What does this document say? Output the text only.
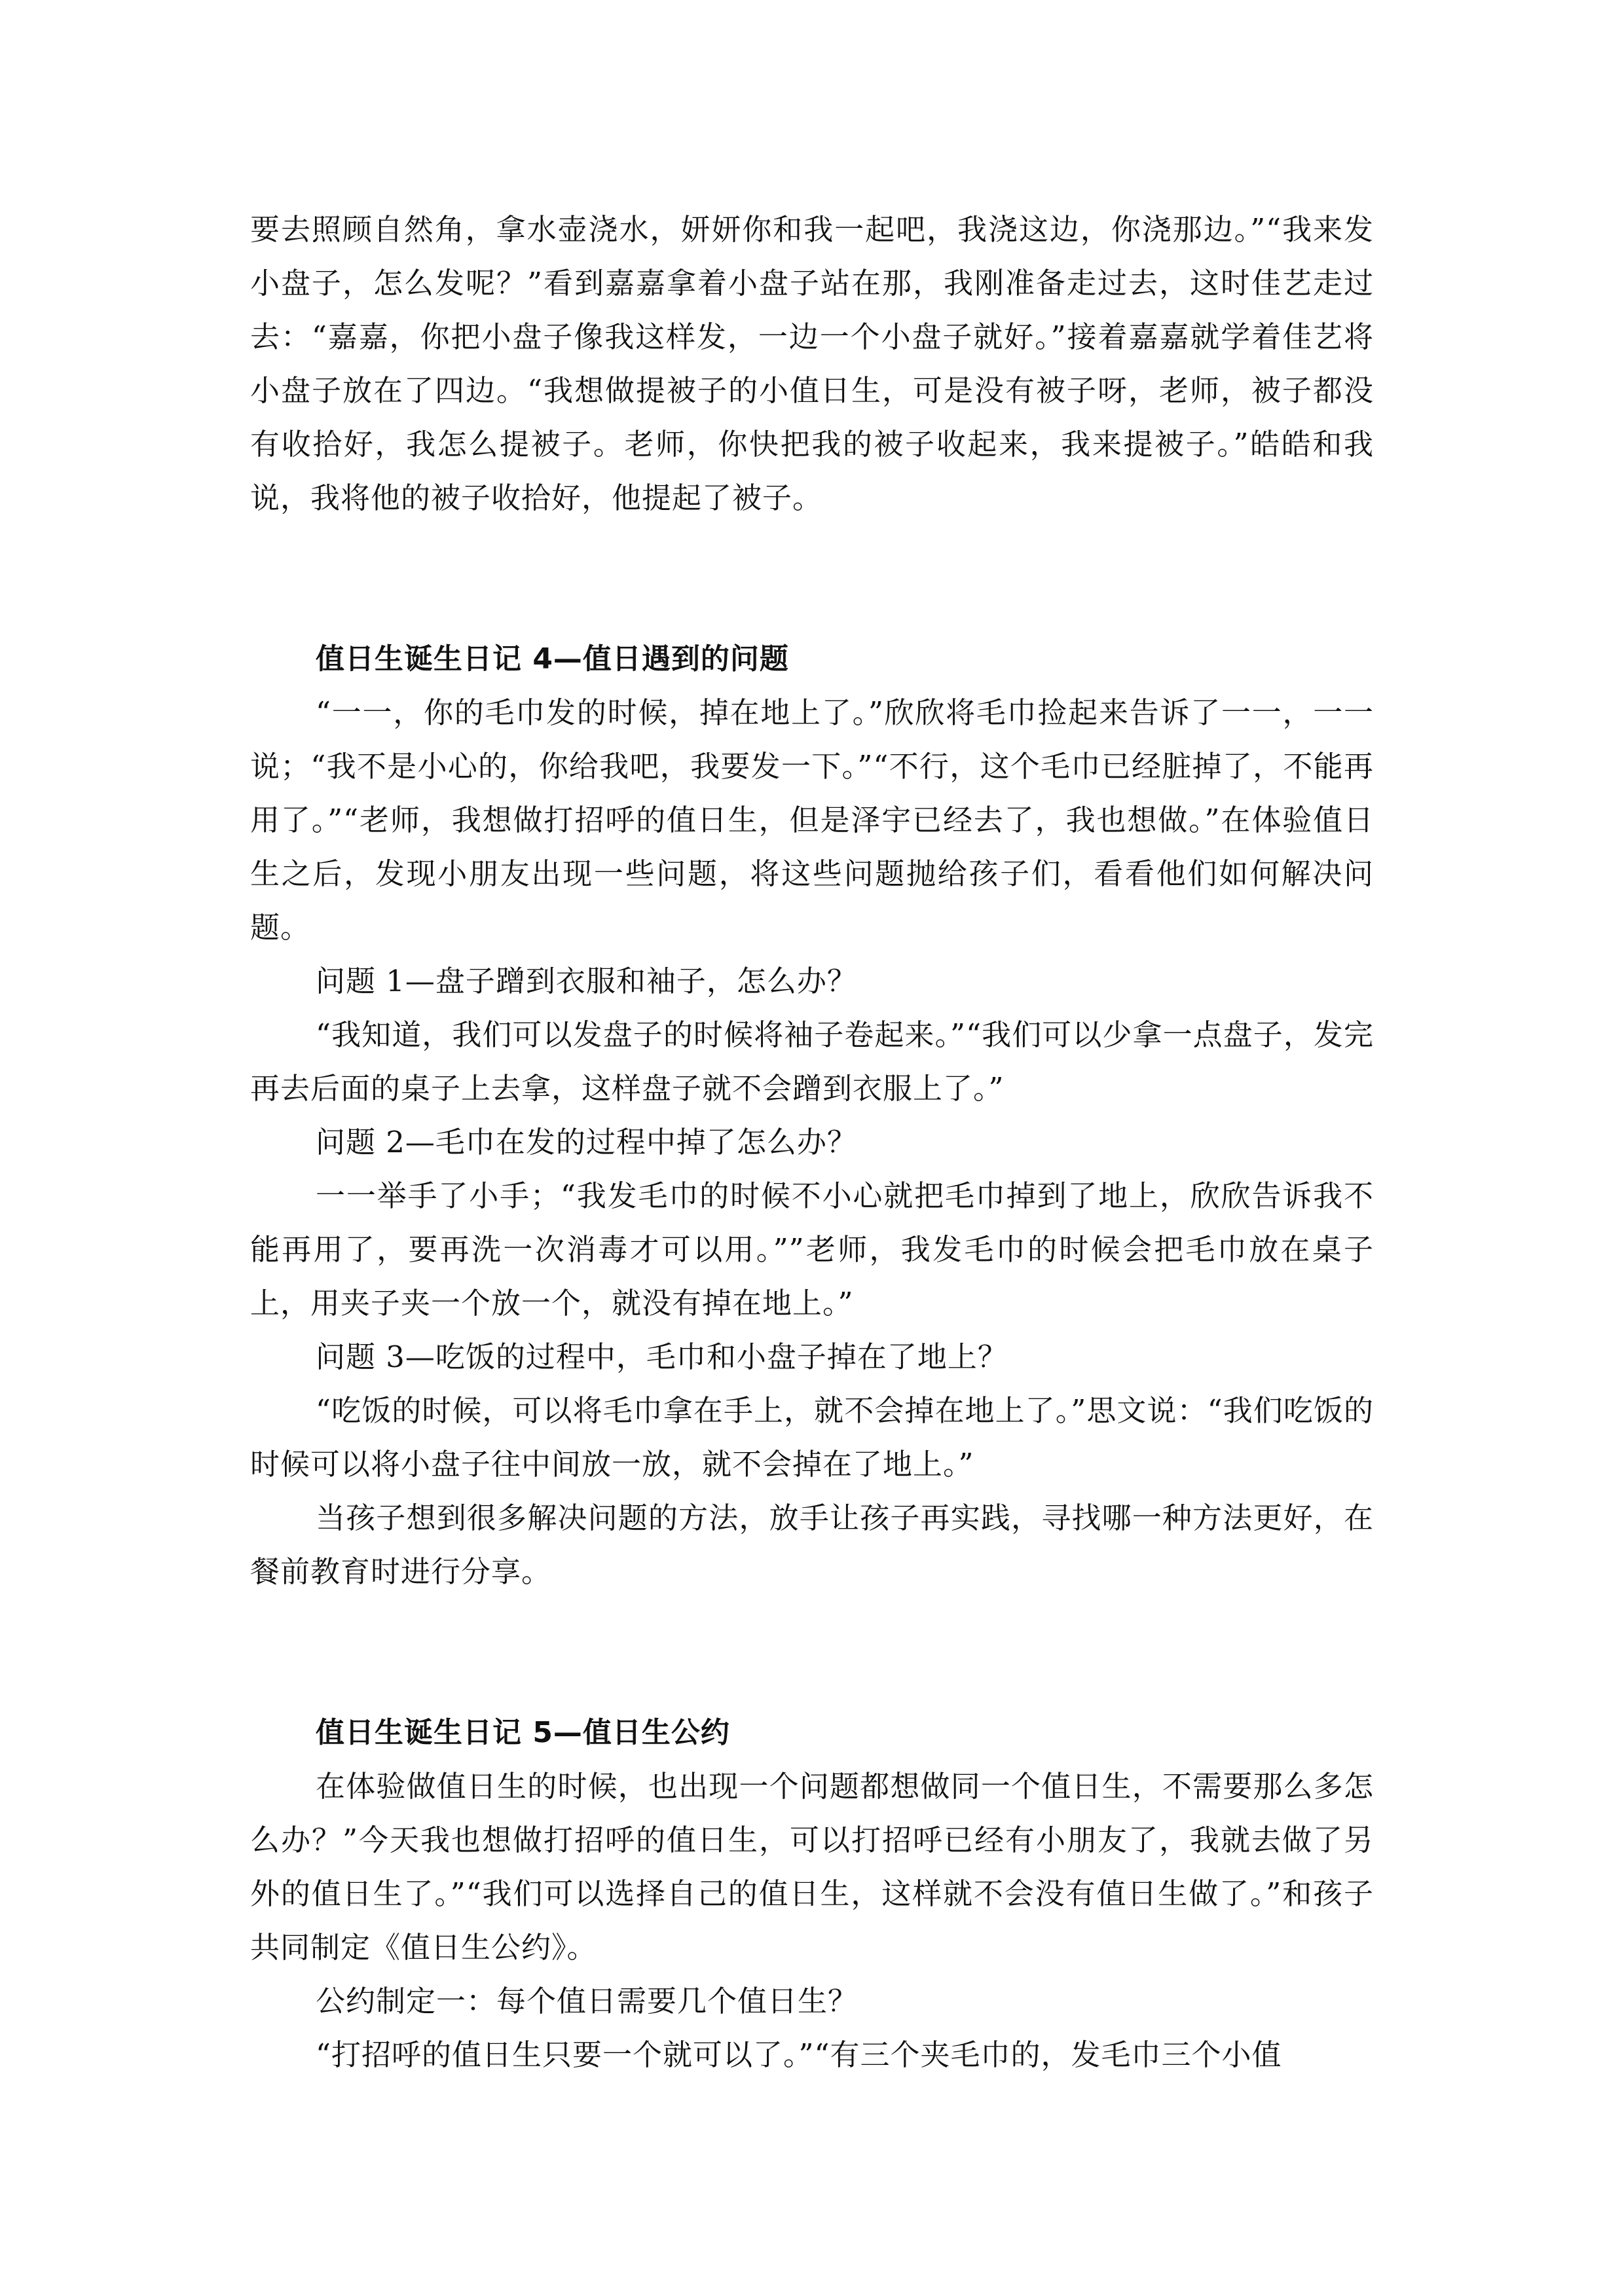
要去照顾自然角，拿水壶浇水，妍妍你和我一起吧，我浇这边，你浇那边。”“我来发小盘子，怎么发呢？”看到嘉嘉拿着小盘子站在那，我刚准备走过去，这时佳艺走过去：“嘉嘉，你把小盘子像我这样发，一边一个小盘子就好。”接着嘉嘉就学着佳艺将小盘子放在了四边。“我想做提被子的小值日生，可是没有被子呀，老师，被子都没有收拾好，我怎么提被子。老师，你快把我的被子收起来，我来提被子。”皓皓和我说，我将他的被子收拾好，他提起了被子。

值日生诞生日记 4—值日遇到的问题

“一一，你的毛巾发的时候，掉在地上了。”欣欣将毛巾捡起来告诉了一一，一一说；“我不是小心的，你给我吧，我要发一下。”“不行，这个毛巾已经脏掉了，不能再用了。”“老师，我想做打招呼的值日生，但是泽宇已经去了，我也想做。”在体验值日生之后，发现小朋友出现一些问题，将这些问题抛给孩子们，看看他们如何解决问题。

问题 1—盘子蹭到衣服和袖子，怎么办？

“我知道，我们可以发盘子的时候将袖子卷起来。”“我们可以少拿一点盘子，发完再去后面的桌子上去拿，这样盘子就不会蹭到衣服上了。”

问题 2—毛巾在发的过程中掉了怎么办？

一一举手了小手；“我发毛巾的时候不小心就把毛巾掉到了地上，欣欣告诉我不能再用了，要再洗一次消毒才可以用。””老师，我发毛巾的时候会把毛巾放在桌子上，用夹子夹一个放一个，就没有掉在地上。”

问题 3—吃饭的过程中，毛巾和小盘子掉在了地上？

“吃饭的时候，可以将毛巾拿在手上，就不会掉在地上了。”思文说：“我们吃饭的时候可以将小盘子往中间放一放，就不会掉在了地上。”

当孩子想到很多解决问题的方法，放手让孩子再实践，寻找哪一种方法更好，在餐前教育时进行分享。

值日生诞生日记 5—值日生公约

在体验做值日生的时候，也出现一个问题都想做同一个值日生，不需要那么多怎么办？”今天我也想做打招呼的值日生，可以打招呼已经有小朋友了，我就去做了另外的值日生了。”“我们可以选择自己的值日生，这样就不会没有值日生做了。”和孩子共同制定《值日生公约》。

公约制定一：每个值日需要几个值日生？

“打招呼的值日生只要一个就可以了。”“有三个夹毛巾的，发毛巾三个小值
